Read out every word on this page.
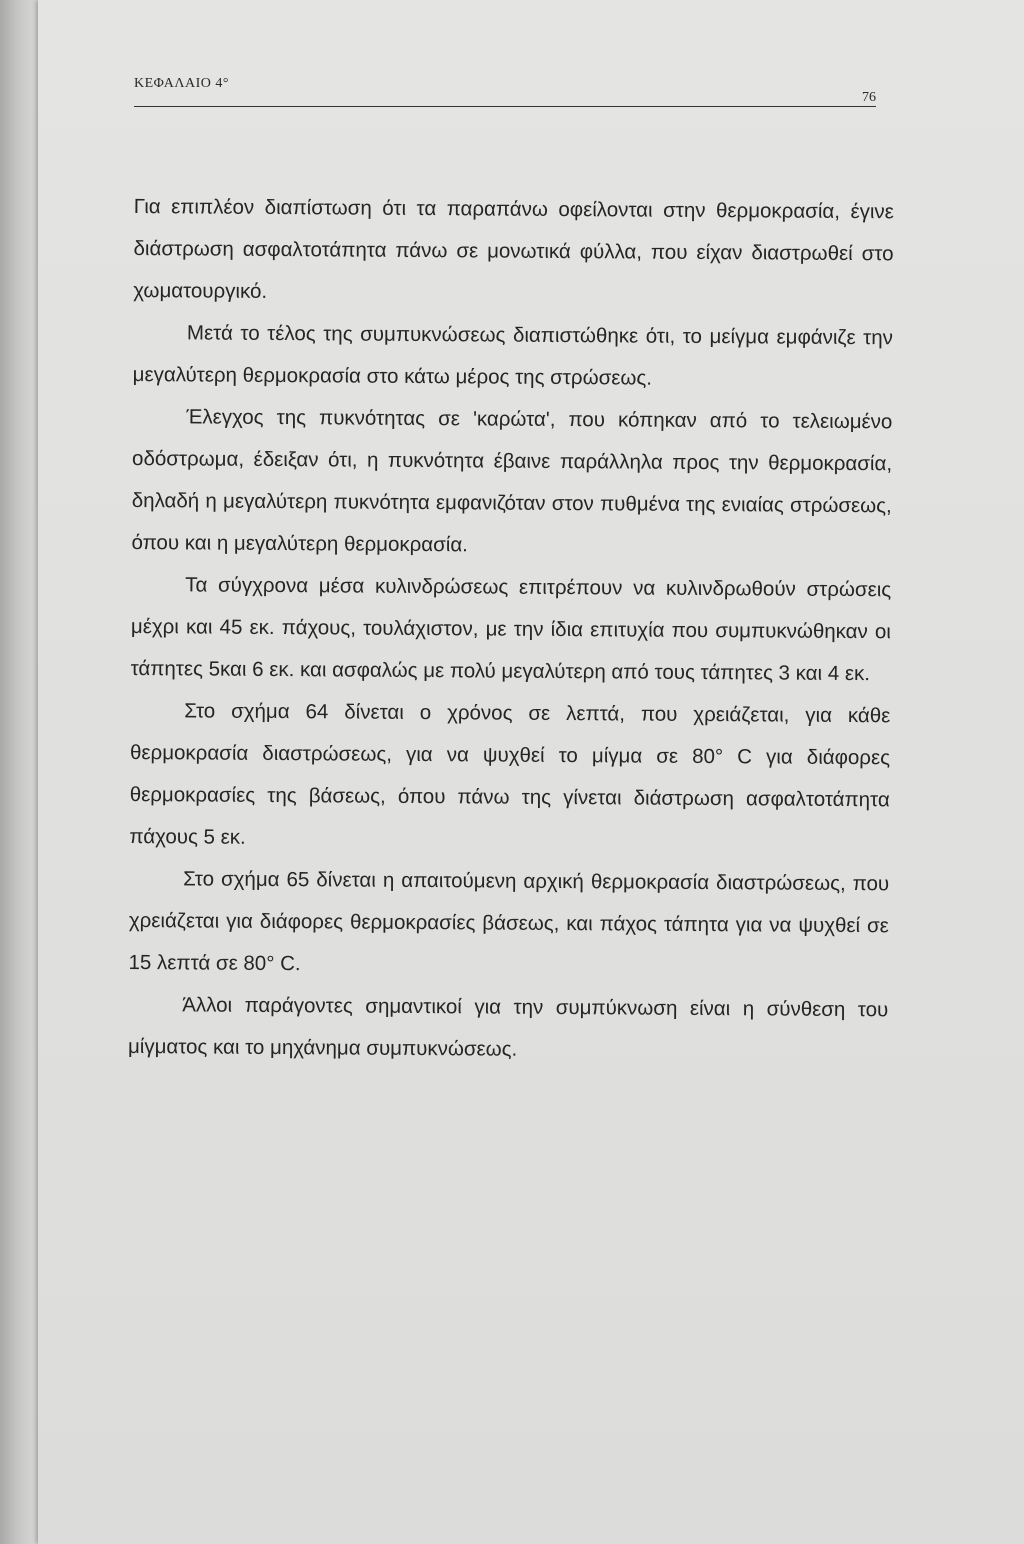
ΚΕΦΑΛΑΙΟ 4°
76

Για επιπλέον διαπίστωση ότι τα παραπάνω οφείλονται στην θερμοκρασία, έγινε διάστρωση ασφαλτοτάπητα πάνω σε μονωτικά φύλλα, που είχαν διαστρωθεί στο χωματουργικό.

Μετά το τέλος της συμπυκνώσεως διαπιστώθηκε ότι, το μείγμα εμφάνιζε την μεγαλύτερη θερμοκρασία στο κάτω μέρος της στρώσεως.

Έλεγχος της πυκνότητας σε 'καρώτα', που κόπηκαν από το τελειωμένο οδόστρωμα, έδειξαν ότι, η πυκνότητα έβαινε παράλληλα προς την θερμοκρασία, δηλαδή η μεγαλύτερη πυκνότητα εμφανιζόταν στον πυθμένα της ενιαίας στρώσεως, όπου και η μεγαλύτερη θερμοκρασία.

Τα σύγχρονα μέσα κυλινδρώσεως επιτρέπουν να κυλινδρωθούν στρώσεις μέχρι και 45 εκ. πάχους, τουλάχιστον, με την ίδια επιτυχία που συμπυκνώθηκαν οι τάπητες 5και 6 εκ. και ασφαλώς με πολύ μεγαλύτερη από τους τάπητες 3 και 4 εκ.

Στο σχήμα 64 δίνεται ο χρόνος σε λεπτά, που χρειάζεται, για κάθε θερμοκρασία διαστρώσεως, για να ψυχθεί το μίγμα σε 80° C για διάφορες θερμοκρασίες της βάσεως, όπου πάνω της γίνεται διάστρωση ασφαλτοτάπητα πάχους 5 εκ.

Στο σχήμα 65 δίνεται η απαιτούμενη αρχική θερμοκρασία διαστρώσεως, που χρειάζεται για διάφορες θερμοκρασίες βάσεως, και πάχος τάπητα για να ψυχθεί σε 15 λεπτά σε 80° C.

Άλλοι παράγοντες σημαντικοί για την συμπύκνωση είναι η σύνθεση του μίγματος και το μηχάνημα συμπυκνώσεως.
